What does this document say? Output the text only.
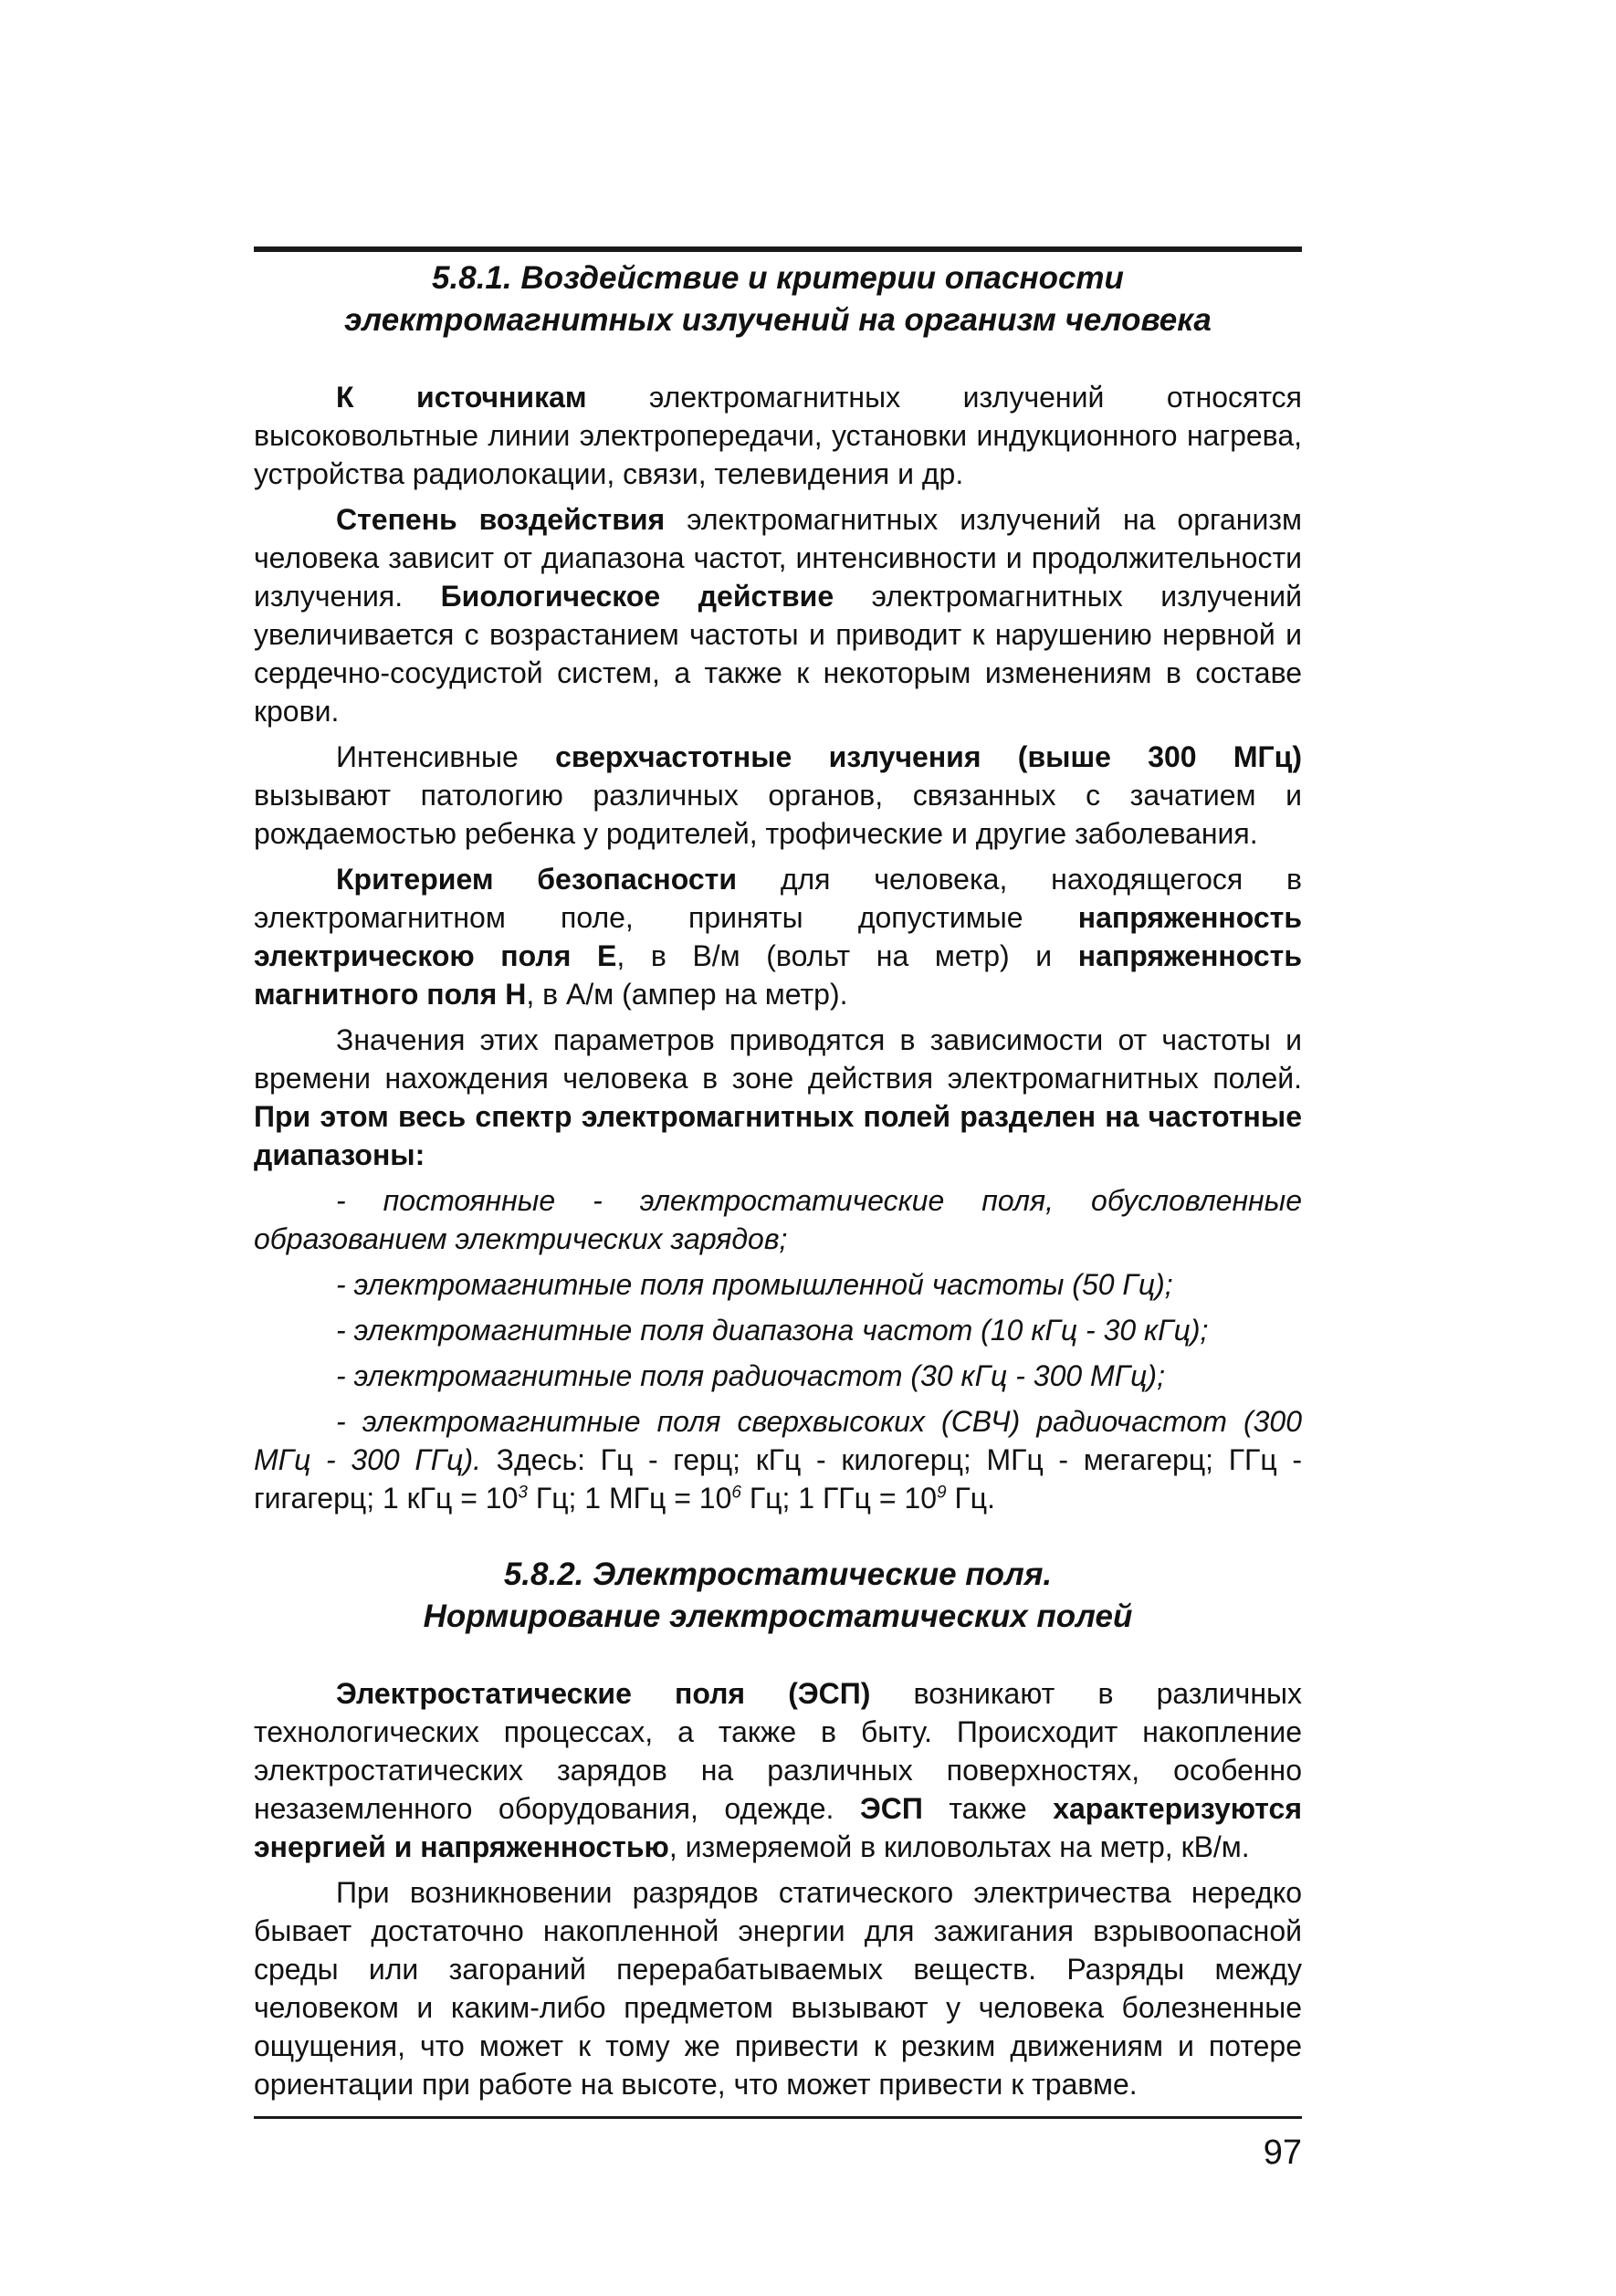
5.8.1. Воздействие и критерии опасности
электромагнитных излучений на организм человека

К источникам электромагнитных излучений относятся высоковольтные линии электропередачи, установки индукционного нагрева, устройства радиолокации, связи, телевидения и др.

Степень воздействия электромагнитных излучений на организм человека зависит от диапазона частот, интенсивности и продолжительности излучения. Биологическое действие электромагнитных излучений увеличивается с возрастанием частоты и приводит к нарушению нервной и сердечно-сосудистой систем, а также к некоторым изменениям в составе крови.

Интенсивные сверхчастотные излучения (выше 300 МГц) вызывают патологию различных органов, связанных с зачатием и рождаемостью ребенка у родителей, трофические и другие заболевания.

Критерием безопасности для человека, находящегося в электромагнитном поле, приняты допустимые напряженность электрическою поля Е, в В/м (вольт на метр) и напряженность магнитного поля Н, в А/м (ампер на метр).

Значения этих параметров приводятся в зависимости от частоты и времени нахождения человека в зоне действия электромагнитных полей. При этом весь спектр электромагнитных полей разделен на частотные диапазоны:

- постоянные - электростатические поля, обусловленные образованием электрических зарядов;

- электромагнитные поля промышленной частоты (50 Гц);

- электромагнитные поля диапазона частот (10 кГц - 30 кГц);

- электромагнитные поля радиочастот (30 кГц - 300 МГц);

- электромагнитные поля сверхвысоких (СВЧ) радиочастот (300 МГц - 300 ГГц). Здесь: Гц - герц; кГц - килогерц; МГц - мегагерц; ГГц - гигагерц; 1 кГц = $10^3$ Гц; 1 МГц = $10^6$ Гц; 1 ГГц = $10^9$ Гц.

5.8.2. Электростатические поля.
Нормирование электростатических полей

Электростатические поля (ЭСП) возникают в различных технологических процессах, а также в быту. Происходит накопление электростатических зарядов на различных поверхностях, особенно незаземленного оборудования, одежде. ЭСП также характеризуются энергией и напряженностью, измеряемой в киловольтах на метр, кВ/м.

При возникновении разрядов статического электричества нередко бывает достаточно накопленной энергии для зажигания взрывоопасной среды или загораний перерабатываемых веществ. Разряды между человеком и каким-либо предметом вызывают у человека болезненные ощущения, что может к тому же привести к резким движениям и потере ориентации при работе на высоте, что может привести к травме.

97
